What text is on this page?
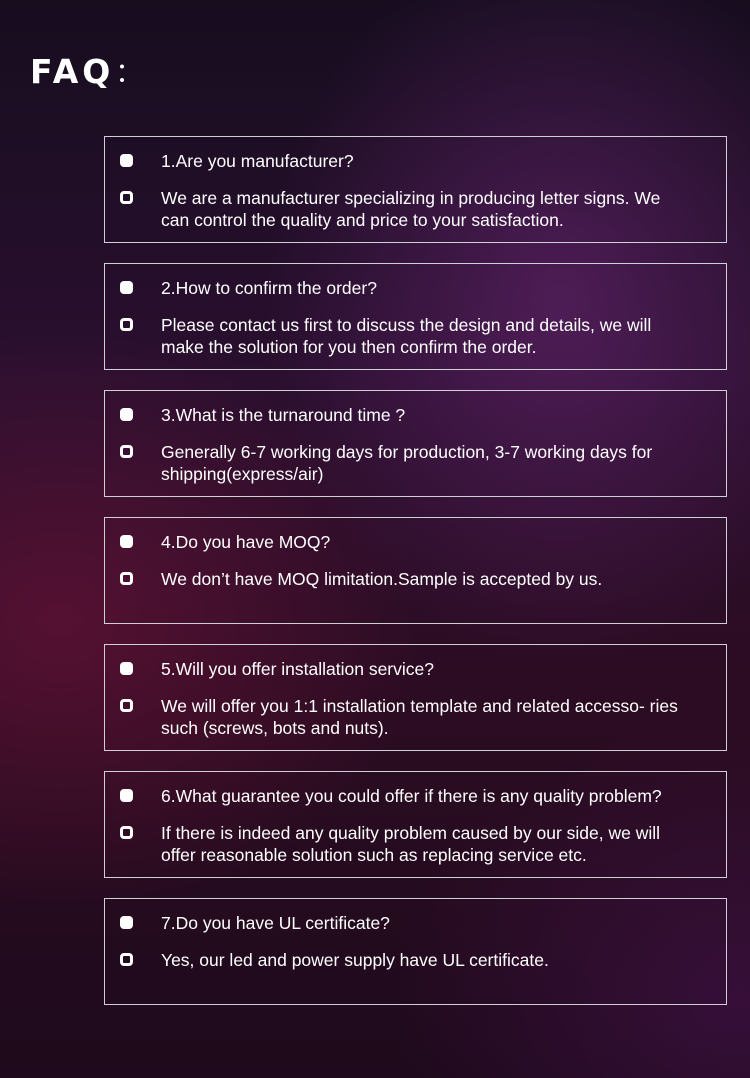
FAQ：
1.Are you manufacturer?
We are a manufacturer specializing in producing letter signs. We can control the quality and price to your satisfaction.
2.How to confirm the order?
Please contact us first to discuss the design and details, we will make the solution for you then confirm the order.
3.What is the turnaround time ?
Generally 6-7 working days for production, 3-7 working days for shipping(express/air)
4.Do you have MOQ?
We don’t have MOQ limitation.Sample is accepted by us.
5.Will you offer installation service?
We will offer you 1:1 installation template and related accesso- ries such (screws, bots and nuts).
6.What guarantee you could offer if there is any quality problem?
If there is indeed any quality problem caused by our side, we will offer reasonable solution such as replacing service etc.
7.Do you have UL certificate?
Yes, our led and power supply have UL certificate.
